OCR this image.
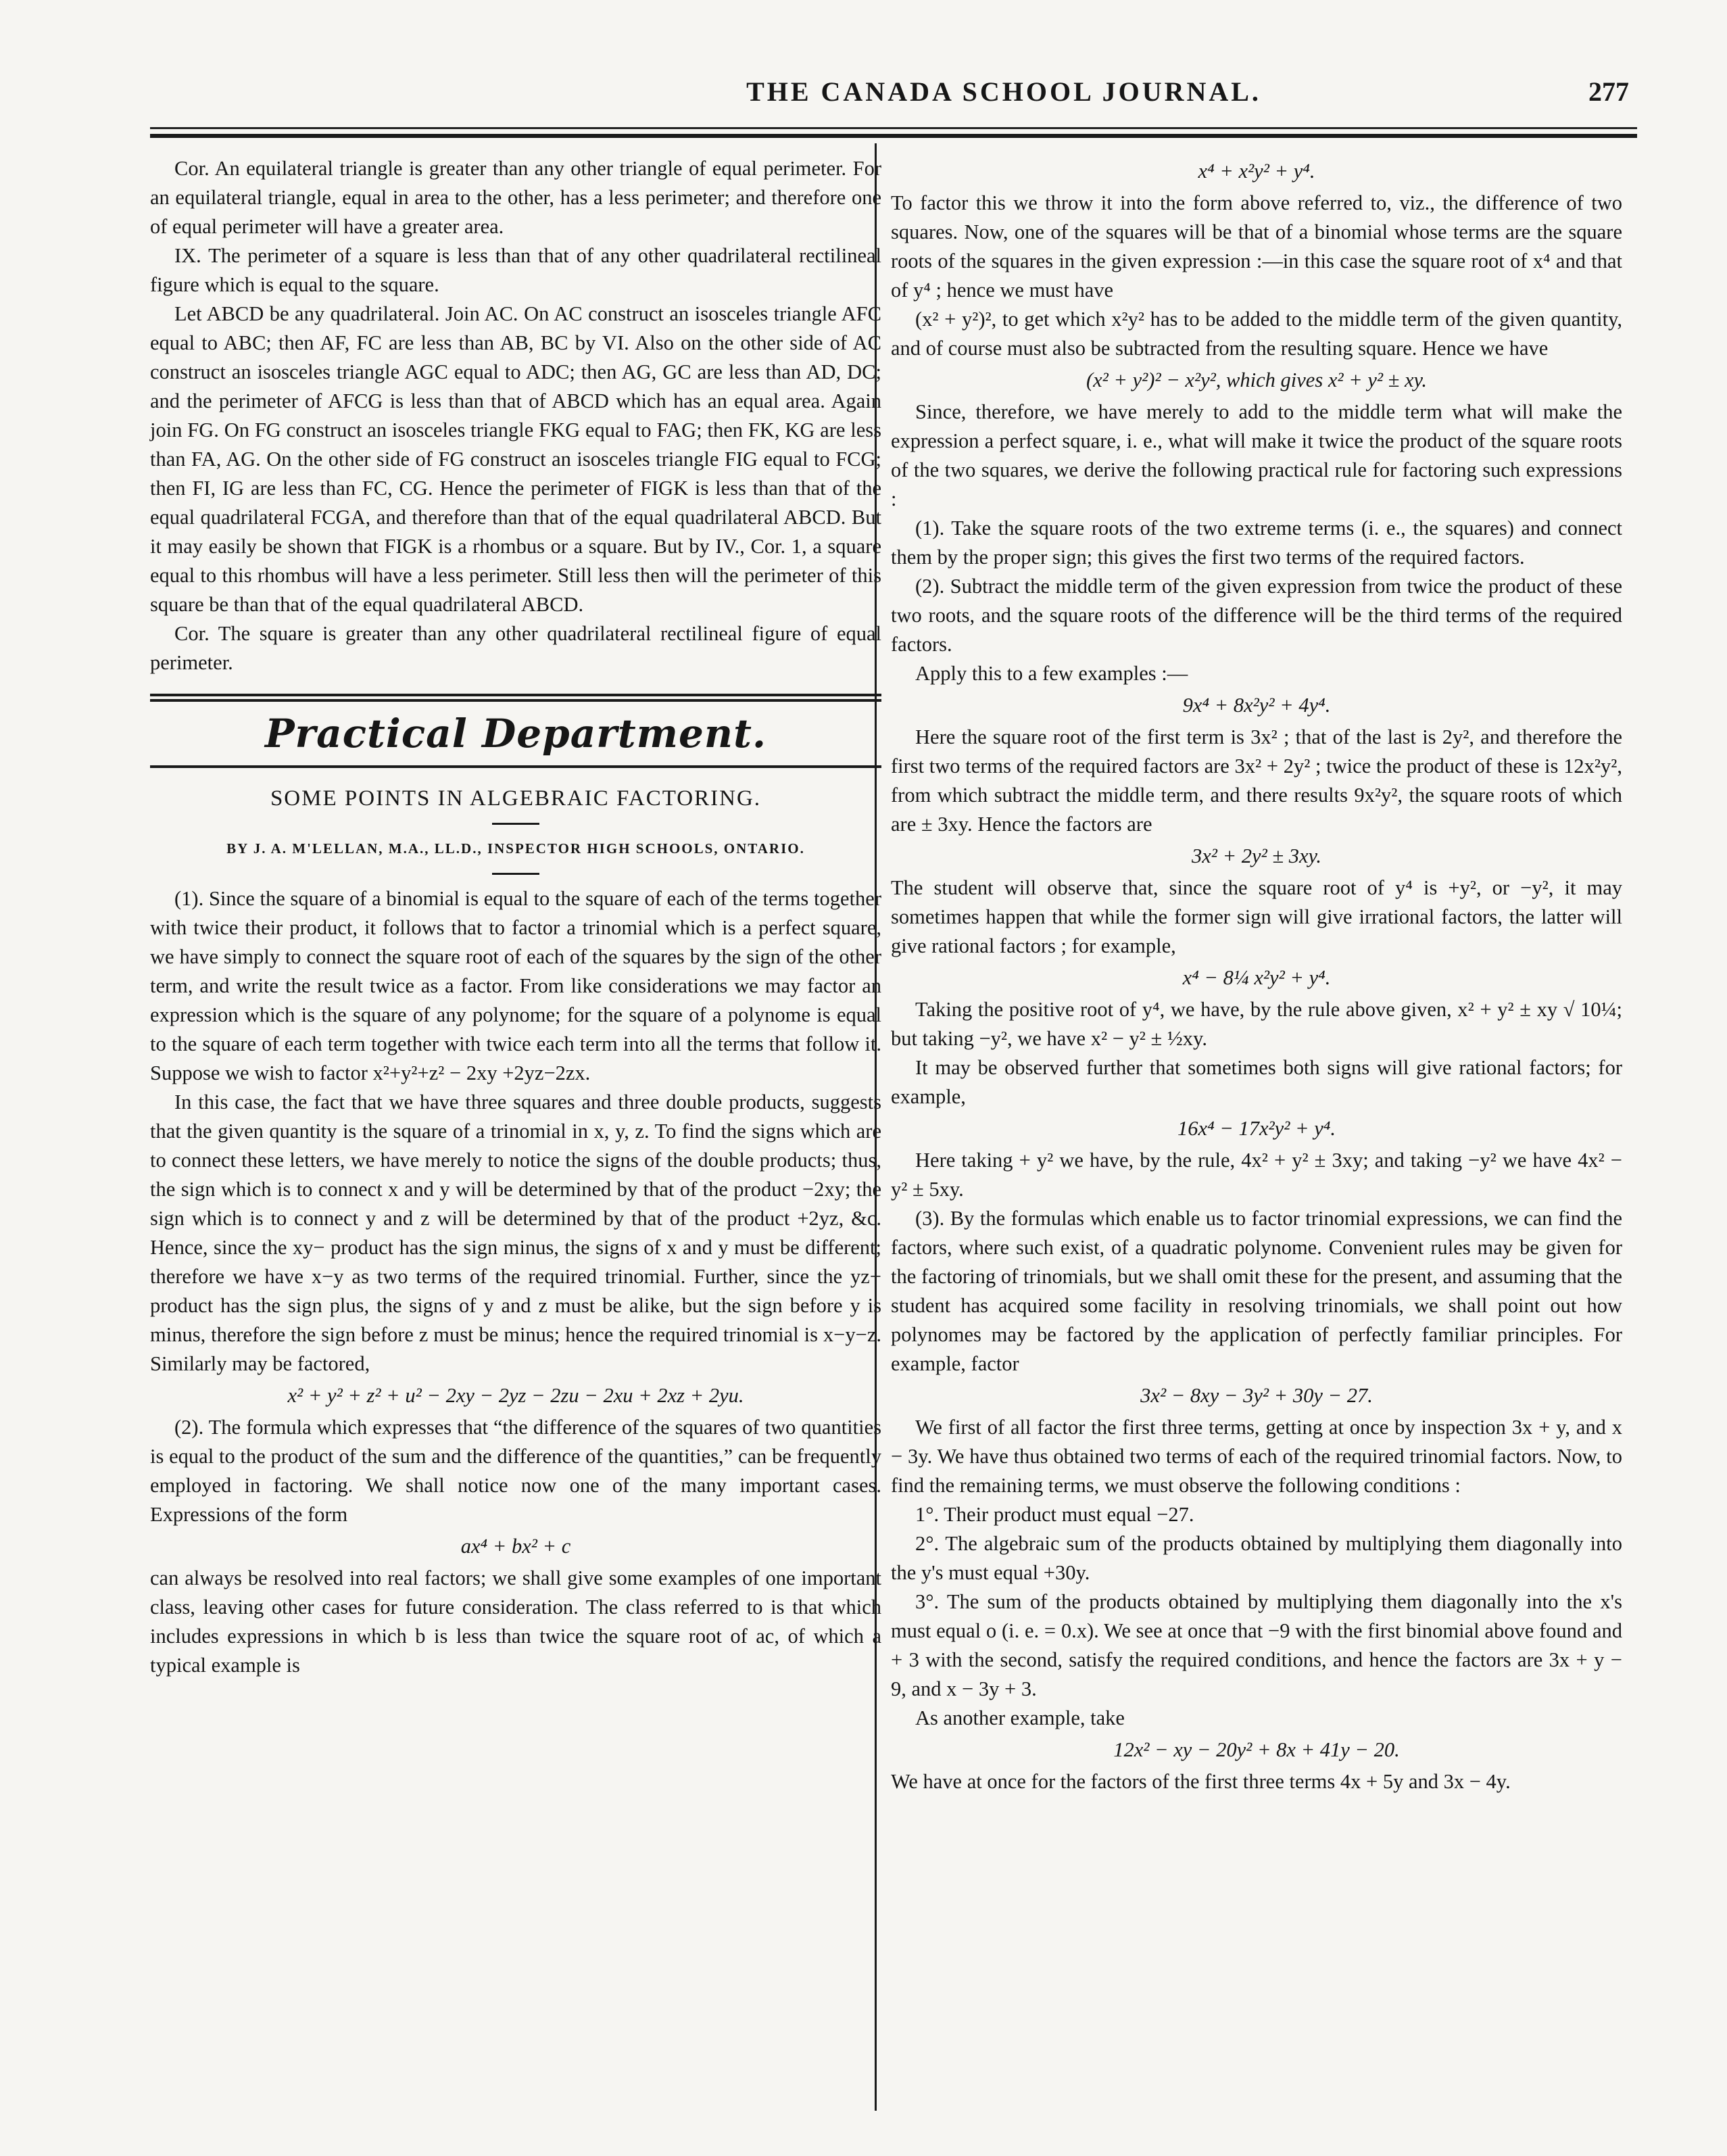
THE CANADA SCHOOL JOURNAL.	277

Cor. An equilateral triangle is greater than any other triangle of equal perimeter. For an equilateral triangle, equal in area to the other, has a less perimeter; and therefore one of equal perimeter will have a greater area.

IX. The perimeter of a square is less than that of any other quadrilateral rectilineal figure which is equal to the square.

Let ABCD be any quadrilateral. Join AC. On AC construct an isosceles triangle AFC equal to ABC; then AF, FC are less than AB, BC by VI. Also on the other side of AC construct an isosceles triangle AGC equal to ADC; then AG, GC are less than AD, DC; and the perimeter of AFCG is less than that of ABCD which has an equal area. Again join FG. On FG construct an isosceles triangle FKG equal to FAG; then FK, KG are less than FA, AG. On the other side of FG construct an isosceles triangle FIG equal to FCG; then FI, IG are less than FC, CG. Hence the perimeter of FIGK is less than that of the equal quadrilateral FCGA, and therefore than that of the equal quadrilateral ABCD. But it may easily be shown that FIGK is a rhombus or a square. But by IV., Cor. 1, a square equal to this rhombus will have a less perimeter. Still less then will the perimeter of this square be than that of the equal quadrilateral ABCD.

Cor. The square is greater than any other quadrilateral rectilineal figure of equal perimeter.

Practical Department.
SOME POINTS IN ALGEBRAIC FACTORING.
BY J. A. M'LELLAN, M.A., LL.D., INSPECTOR HIGH SCHOOLS, ONTARIO.

(1). Since the square of a binomial is equal to the square of each of the terms together with twice their product, it follows that to factor a trinomial which is a perfect square, we have simply to connect the square root of each of the squares by the sign of the other term, and write the result twice as a factor. From like considerations we may factor an expression which is the square of any polynome; for the square of a polynome is equal to the square of each term together with twice each term into all the terms that follow it. Suppose we wish to factor x²+y²+z² − 2xy +2yz−2zx.

In this case, the fact that we have three squares and three double products, suggests that the given quantity is the square of a trinomial in x, y, z. To find the signs which are to connect these letters, we have merely to notice the signs of the double products; thus, the sign which is to connect x and y will be determined by that of the product −2xy; the sign which is to connect y and z will be determined by that of the product +2yz, &c. Hence, since the xy− product has the sign minus, the signs of x and y must be different; therefore we have x−y as two terms of the required trinomial. Further, since the yz− product has the sign plus, the signs of y and z must be alike, but the sign before y is minus, therefore the sign before z must be minus; hence the required trinomial is x−y−z. Similarly may be factored,

x² + y² + z² + u² − 2xy − 2yz − 2zu − 2xu + 2xz + 2yu.

(2). The formula which expresses that “the difference of the squares of two quantities is equal to the product of the sum and the difference of the quantities,” can be frequently employed in factoring. We shall notice now one of the many important cases. Expressions of the form

ax⁴ + bx² + c

can always be resolved into real factors; we shall give some examples of one important class, leaving other cases for future consideration. The class referred to is that which includes expressions in which b is less than twice the square root of ac, of which a typical example is

x⁴ + x²y² + y⁴.

To factor this we throw it into the form above referred to, viz., the difference of two squares. Now, one of the squares will be that of a binomial whose terms are the square roots of the squares in the given expression :—in this case the square root of x⁴ and that of y⁴ ; hence we must have

(x² + y²)², to get which x²y² has to be added to the middle term of the given quantity, and of course must also be subtracted from the resulting square. Hence we have

(x² + y²)² − x²y², which gives x² + y² ± xy.

Since, therefore, we have merely to add to the middle term what will make the expression a perfect square, i. e., what will make it twice the product of the square roots of the two squares, we derive the following practical rule for factoring such expressions :

(1). Take the square roots of the two extreme terms (i. e., the squares) and connect them by the proper sign; this gives the first two terms of the required factors.

(2). Subtract the middle term of the given expression from twice the product of these two roots, and the square roots of the difference will be the third terms of the required factors.

Apply this to a few examples :—

9x⁴ + 8x²y² + 4y⁴.

Here the square root of the first term is 3x² ; that of the last is 2y², and therefore the first two terms of the required factors are 3x² + 2y² ; twice the product of these is 12x²y², from which subtract the middle term, and there results 9x²y², the square roots of which are ± 3xy. Hence the factors are

3x² + 2y² ± 3xy.

The student will observe that, since the square root of y⁴ is +y², or −y², it may sometimes happen that while the former sign will give irrational factors, the latter will give rational factors ; for example,

x⁴ − 8¼ x²y² + y⁴.

Taking the positive root of y⁴, we have, by the rule above given, x² + y² ± xy √ 10¼; but taking −y², we have x² − y² ± ½xy.

It may be observed further that sometimes both signs will give rational factors; for example,

16x⁴ − 17x²y² + y⁴.

Here taking + y² we have, by the rule, 4x² + y² ± 3xy; and taking −y² we have 4x² − y² ± 5xy.

(3). By the formulas which enable us to factor trinomial expressions, we can find the factors, where such exist, of a quadratic polynome. Convenient rules may be given for the factoring of trinomials, but we shall omit these for the present, and assuming that the student has acquired some facility in resolving trinomials, we shall point out how polynomes may be factored by the application of perfectly familiar principles. For example, factor

3x² − 8xy − 3y² + 30y − 27.

We first of all factor the first three terms, getting at once by inspection 3x + y, and x − 3y. We have thus obtained two terms of each of the required trinomial factors. Now, to find the remaining terms, we must observe the following conditions :

1°. Their product must equal −27.

2°. The algebraic sum of the products obtained by multiplying them diagonally into the y's must equal +30y.

3°. The sum of the products obtained by multiplying them diagonally into the x's must equal o (i. e. = 0.x). We see at once that −9 with the first binomial above found and + 3 with the second, satisfy the required conditions, and hence the factors are 3x + y − 9, and x − 3y + 3.

As another example, take

12x² − xy − 20y² + 8x + 41y − 20.

We have at once for the factors of the first three terms 4x + 5y and 3x − 4y.
